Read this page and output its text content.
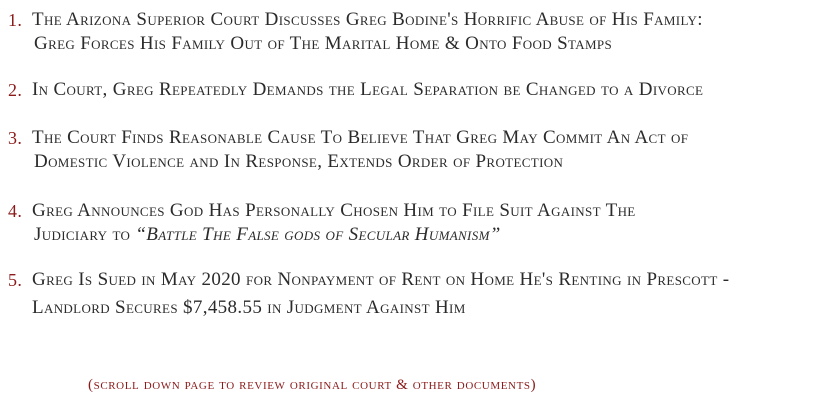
1. The Arizona Superior Court Discusses Greg Bodine's Horrific Abuse of His Family:
Greg Forces His Family Out of The Marital Home & Onto Food Stamps
2. In Court, Greg Repeatedly Demands the Legal Separation be Changed to a Divorce
3. The Court Finds Reasonable Cause To Believe That Greg May Commit An Act of
Domestic Violence and In Response, Extends Order of Protection
4. Greg Announces God Has Personally Chosen Him to File Suit Against The
Judiciary to “Battle The False gods of Secular Humanism”
5. Greg Is Sued in May 2020 for Nonpayment of Rent on Home He's Renting in Prescott -
Landlord Secures $7,458.55 in Judgment Against Him
(scroll down page to review original court & other documents)
